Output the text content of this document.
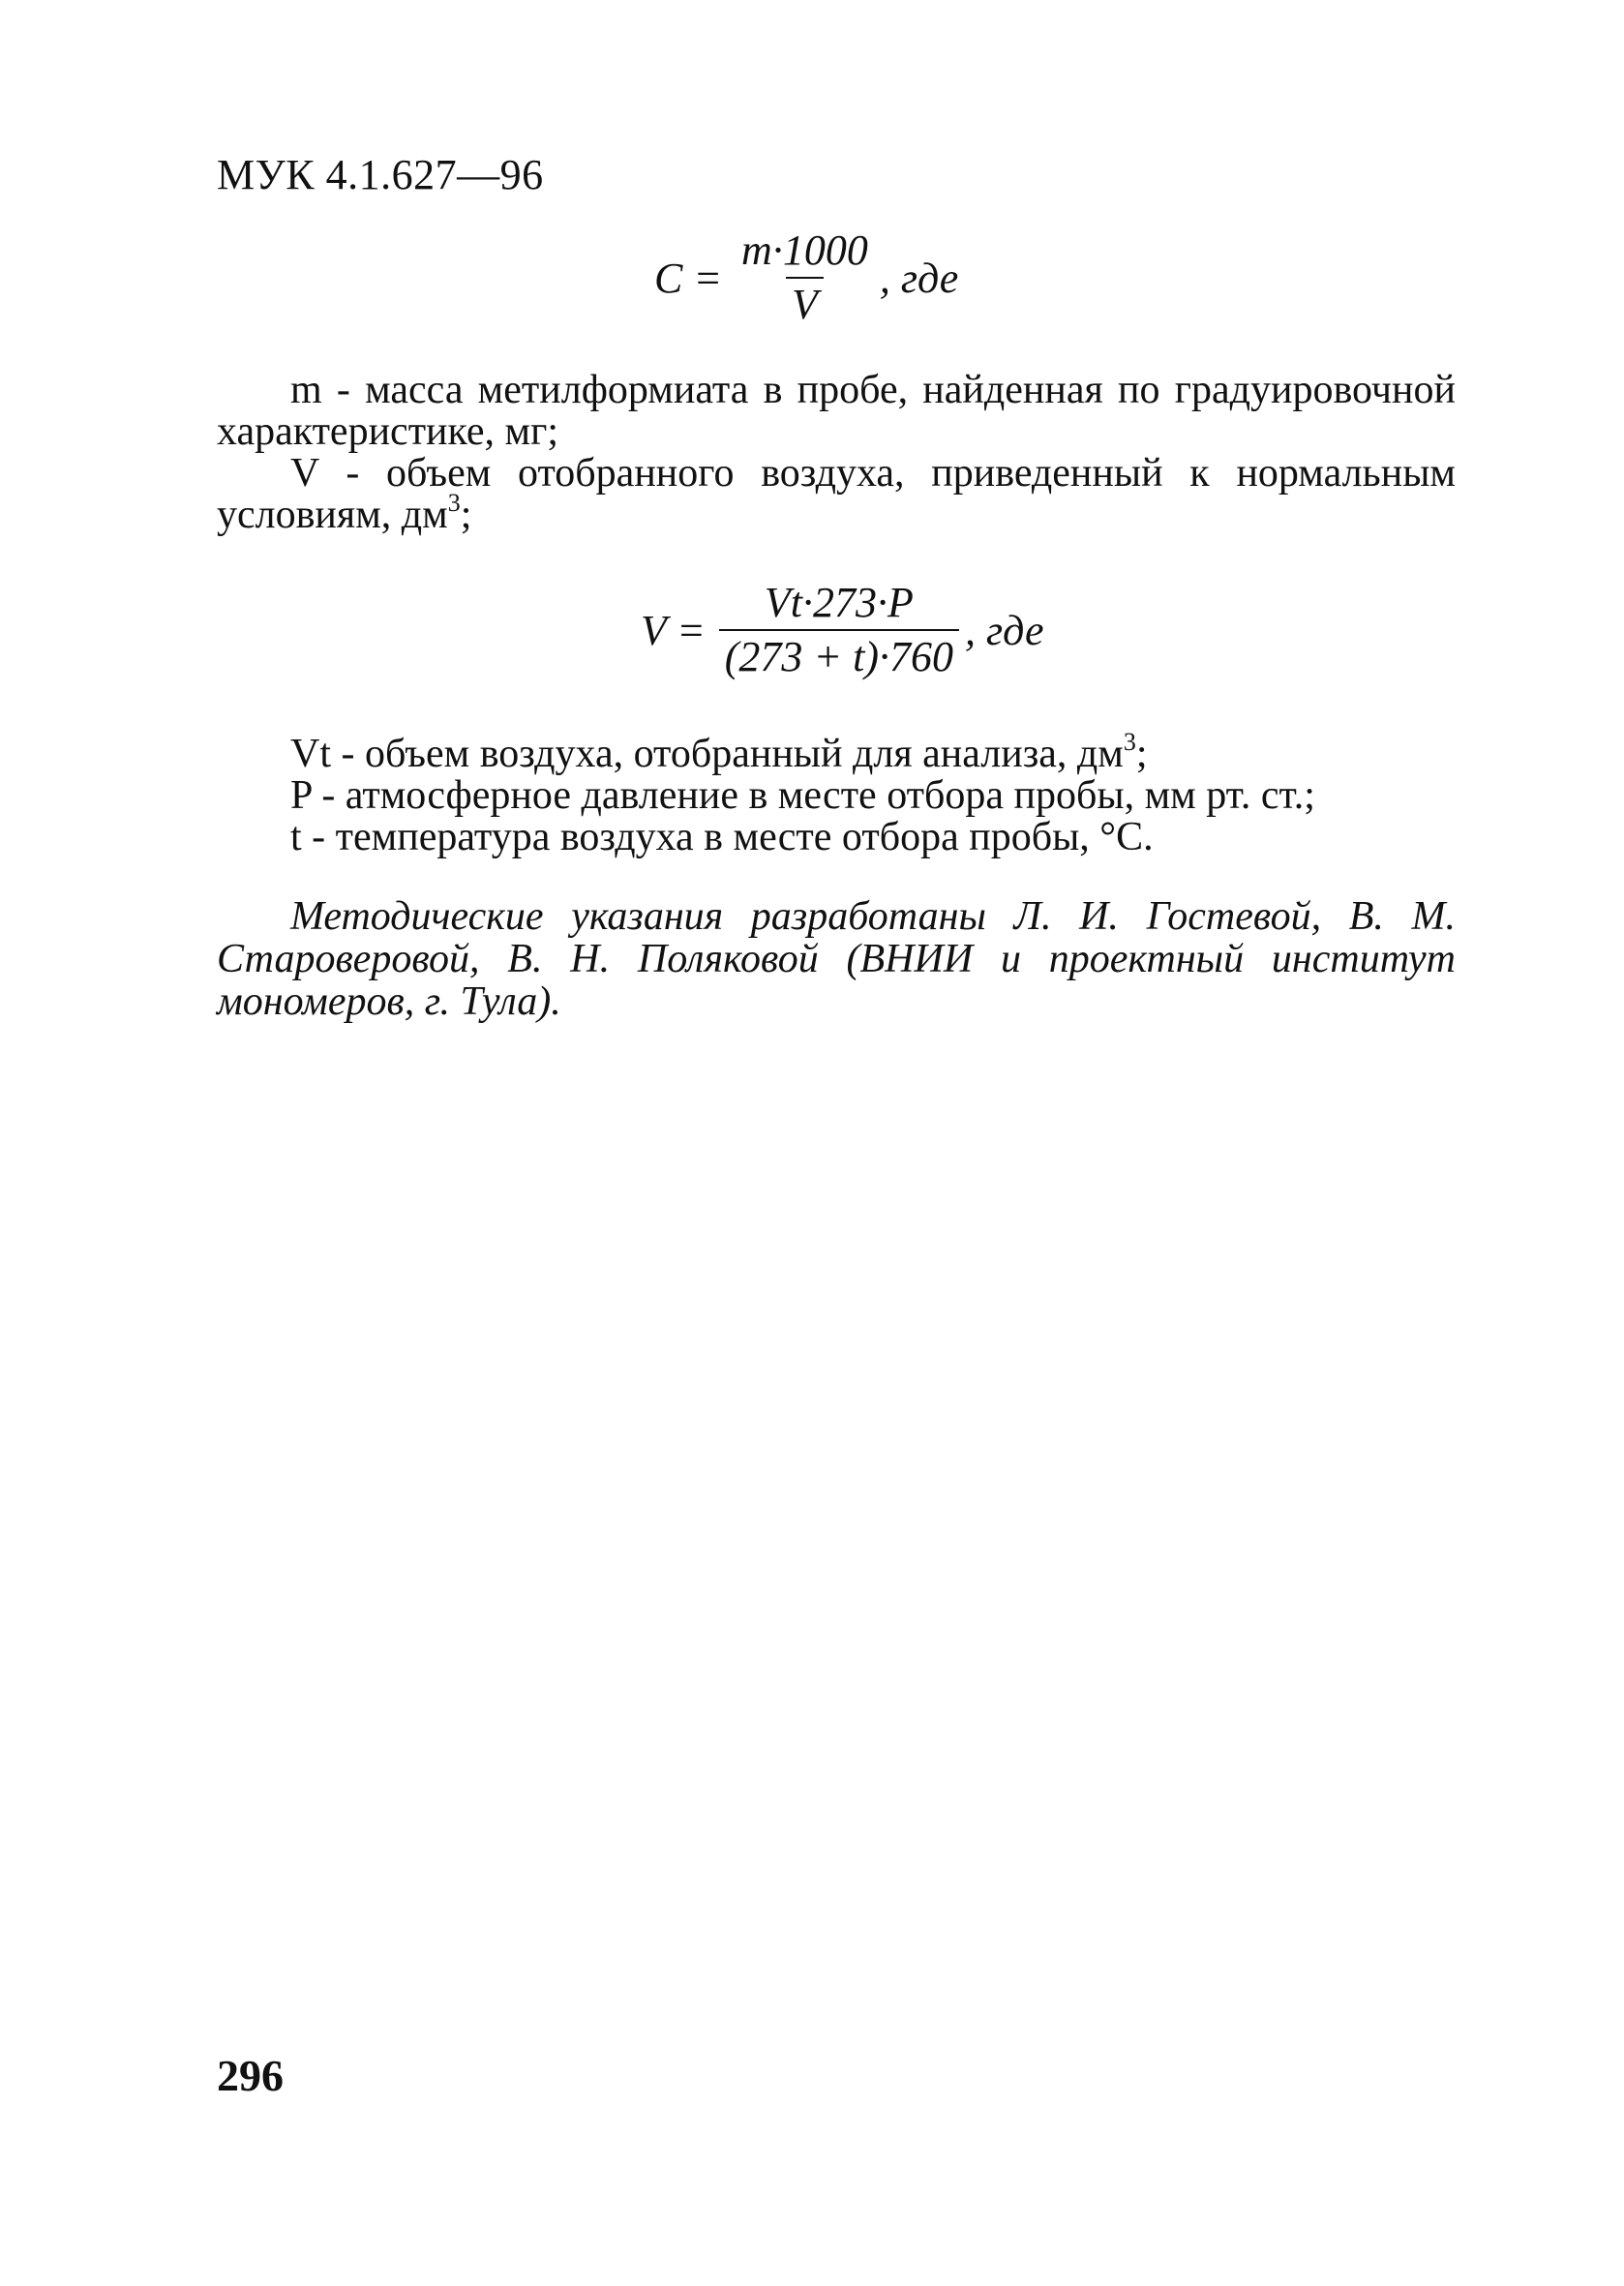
МУК 4.1.627—96
$C = \frac{m\cdot 1000}{V}$ , где

m - масса метилформиата в пробе, найденная по градуировочной характеристике, мг;

V - объем отобранного воздуха, приведенный к нормальным условиям, $дм^3$;

$V = \frac{Vt\cdot 273\cdot P}{(273 + t)\cdot 760}$ , где

Vt - объем воздуха, отобранный для анализа, $дм^3$;

P - атмосферное давление в месте отбора пробы, мм рт. ст.;

t - температура воздуха в месте отбора пробы, °С.

Методические указания разработаны Л. И. Гостевой, В. М. Староверовой, В. Н. Поляковой (ВНИИ и проектный институт мономеров, г. Тула).

296
